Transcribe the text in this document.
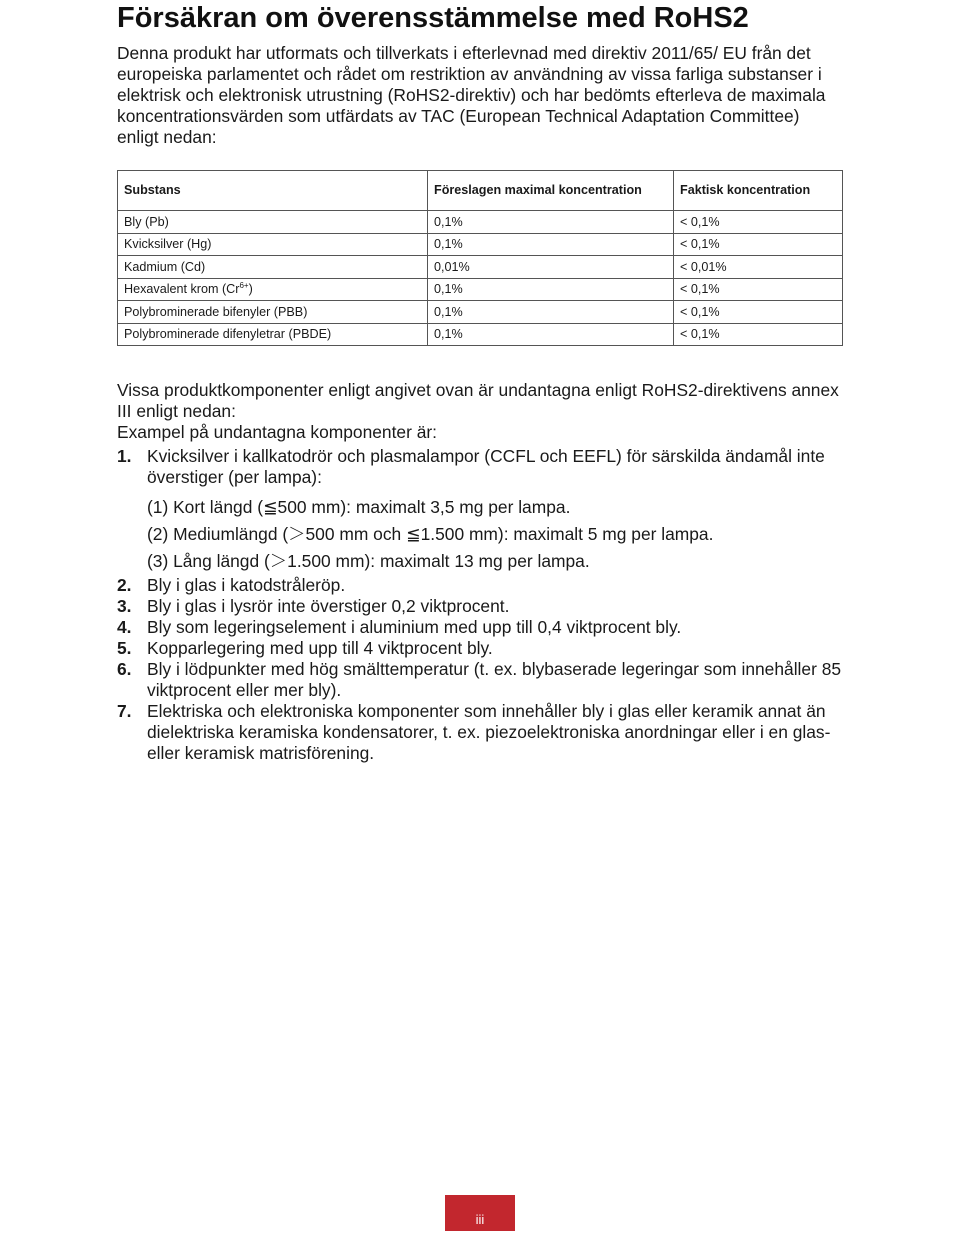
Försäkran om överensstämmelse med RoHS2
Denna produkt har utformats och tillverkats i efterlevnad med direktiv 2011/65/ EU från det europeiska parlamentet och rådet om restriktion av användning av vissa farliga substanser i elektrisk och elektronisk utrustning (RoHS2-direktiv) och har bedömts efterleva de maximala koncentrationsvärden som utfärdats av TAC (European Technical Adaptation Committee) enligt nedan:
Substans	Föreslagen maximal koncentration	Faktisk koncentration
Bly (Pb)	0,1%	< 0,1%
Kvicksilver (Hg)	0,1%	< 0,1%
Kadmium (Cd)	0,01%	< 0,01%
Hexavalent krom $(Cr^{6+})$	0,1%	< 0,1%
Polybrominerade bifenyler (PBB)	0,1%	< 0,1%
Polybrominerade difenyletrar (PBDE)	0,1%	< 0,1%

Vissa produktkomponenter enligt angivet ovan är undantagna enligt RoHS2-direktivens annex III enligt nedan:

Exampel på undantagna komponenter är:

1. Kvicksilver i kallkatodrör och plasmalampor (CCFL och EEFL) för särskilda ändamål inte överstiger (per lampa):
(1) Kort längd (≦500 mm): maximalt 3,5 mg per lampa.
(2) Mediumlängd (＞500 mm och ≦1.500 mm): maximalt 5 mg per lampa.
(3) Lång längd (＞1.500 mm): maximalt 13 mg per lampa.
2. Bly i glas i katodstråleröр.
3. Bly i glas i lysrör inte överstiger 0,2 viktprocent.
4. Bly som legeringselement i aluminium med upp till 0,4 viktprocent bly.
5. Kopparlegering med upp till 4 viktprocent bly.
6. Bly i lödpunkter med hög smälttemperatur (t. ex. blybaserade legeringar som innehåller 85 viktprocent eller mer bly).
7. Elektriska och elektroniska komponenter som innehåller bly i glas eller keramik annat än dielektriska keramiska kondensatorer, t. ex. piezoelektroniska anordningar eller i en glas- eller keramisk matrisförening.
iii
